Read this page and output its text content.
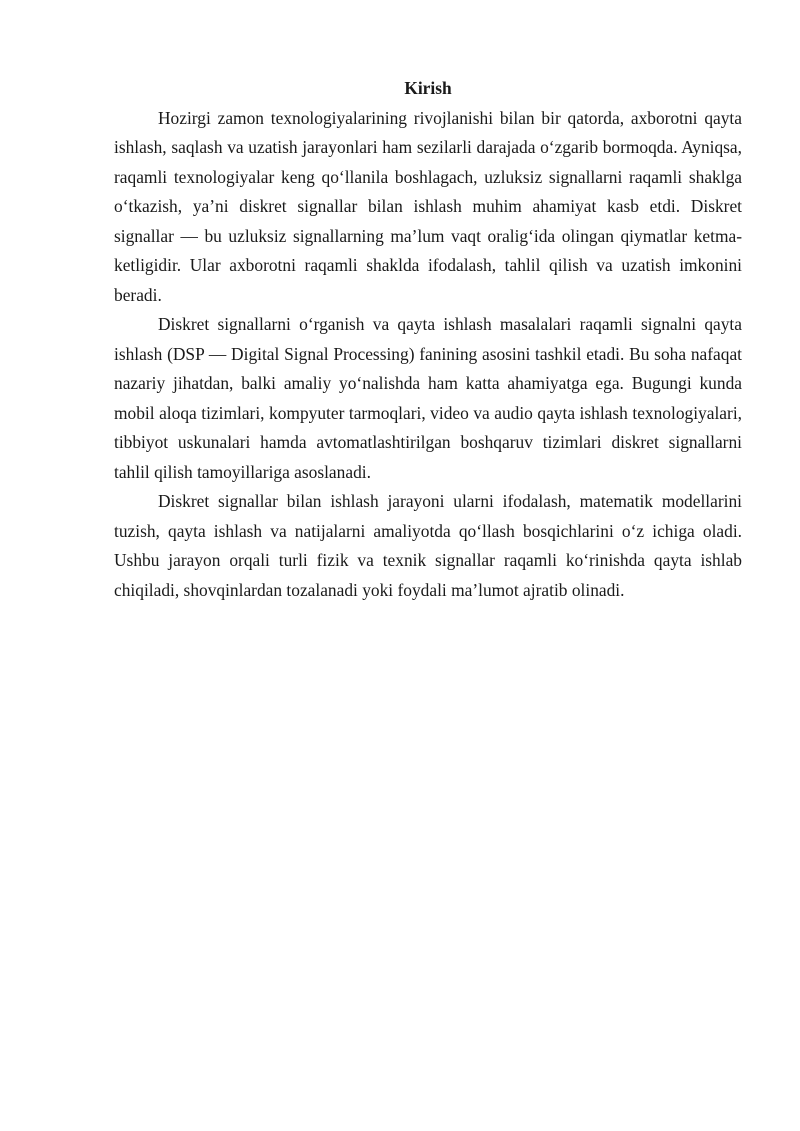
Kirish

Hozirgi zamon texnologiyalarining rivojlanishi bilan bir qatorda, axborotni qayta ishlash, saqlash va uzatish jarayonlari ham sezilarli darajada o‘zgarib bormoqda. Ayniqsa, raqamli texnologiyalar keng qo‘llanila boshlagach, uzluksiz signallarni raqamli shaklga o‘tkazish, ya’ni diskret signallar bilan ishlash muhim ahamiyat kasb etdi. Diskret signallar — bu uzluksiz signallarning ma’lum vaqt oralig‘ida olingan qiymatlar ketma-ketligidir. Ular axborotni raqamli shaklda ifodalash, tahlil qilish va uzatish imkonini beradi.

Diskret signallarni o‘rganish va qayta ishlash masalalari raqamli signalni qayta ishlash (DSP — Digital Signal Processing) fanining asosini tashkil etadi. Bu soha nafaqat nazariy jihatdan, balki amaliy yo‘nalishda ham katta ahamiyatga ega. Bugungi kunda mobil aloqa tizimlari, kompyuter tarmoqlari, video va audio qayta ishlash texnologiyalari, tibbiyot uskunalari hamda avtomatlashtirilgan boshqaruv tizimlari diskret signallarni tahlil qilish tamoyillariga asoslanadi.

Diskret signallar bilan ishlash jarayoni ularni ifodalash, matematik modellarini tuzish, qayta ishlash va natijalarni amaliyotda qo‘llash bosqichlarini o‘z ichiga oladi. Ushbu jarayon orqali turli fizik va texnik signallar raqamli ko‘rinishda qayta ishlab chiqiladi, shovqinlardan tozalanadi yoki foydali ma’lumot ajratib olinadi.
